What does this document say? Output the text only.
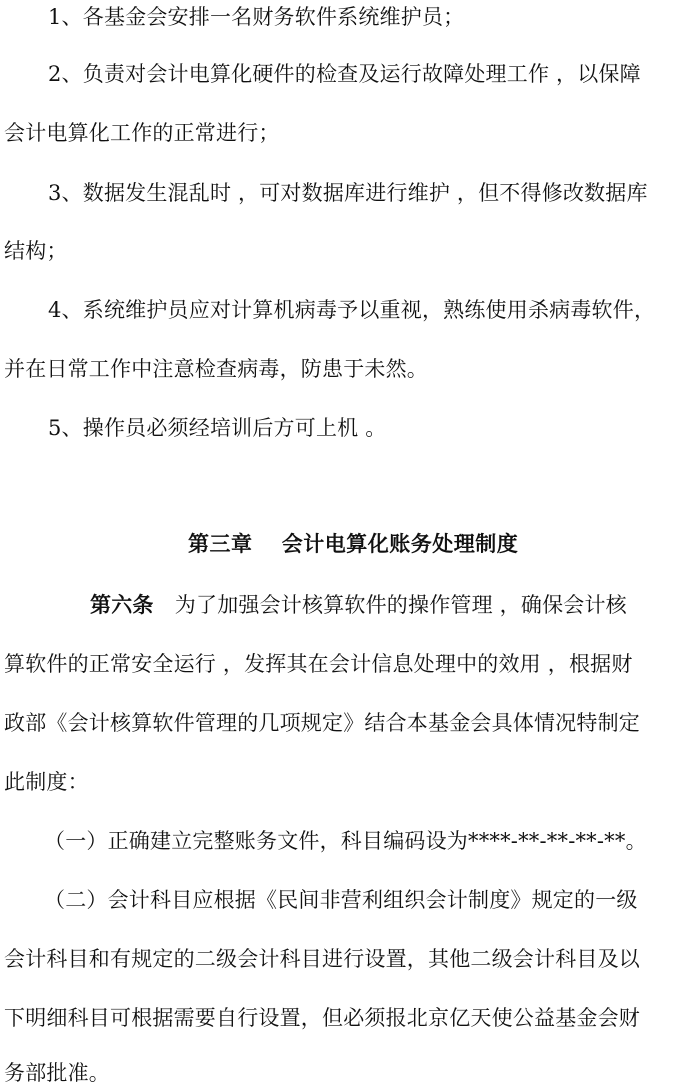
1、各基金会安排一名财务软件系统维护员；
2、负责对会计电算化硬件的检查及运行故障处理工作 ，以保障
会计电算化工作的正常进行；
3、数据发生混乱时 ，可对数据库进行维护 ，但不得修改数据库
结构；
4、系统维护员应对计算机病毒予以重视，熟练使用杀病毒软件，
并在日常工作中注意检查病毒，防患于未然。
5、操作员必须经培训后方可上机 。
第三章　 会计电算化账务处理制度
第六条　为了加强会计核算软件的操作管理 ，确保会计核
算软件的正常安全运行 ，发挥其在会计信息处理中的效用 ，根据财
政部《会计核算软件管理的几项规定》结合本基金会具体情况特制定
此制度：
（一）正确建立完整账务文件，科目编码设为****-**-**-**-**。
（二）会计科目应根据《民间非营利组织会计制度》规定的一级
会计科目和有规定的二级会计科目进行设置，其他二级会计科目及以
下明细科目可根据需要自行设置，但必须报北京亿天使公益基金会财
务部批准。
